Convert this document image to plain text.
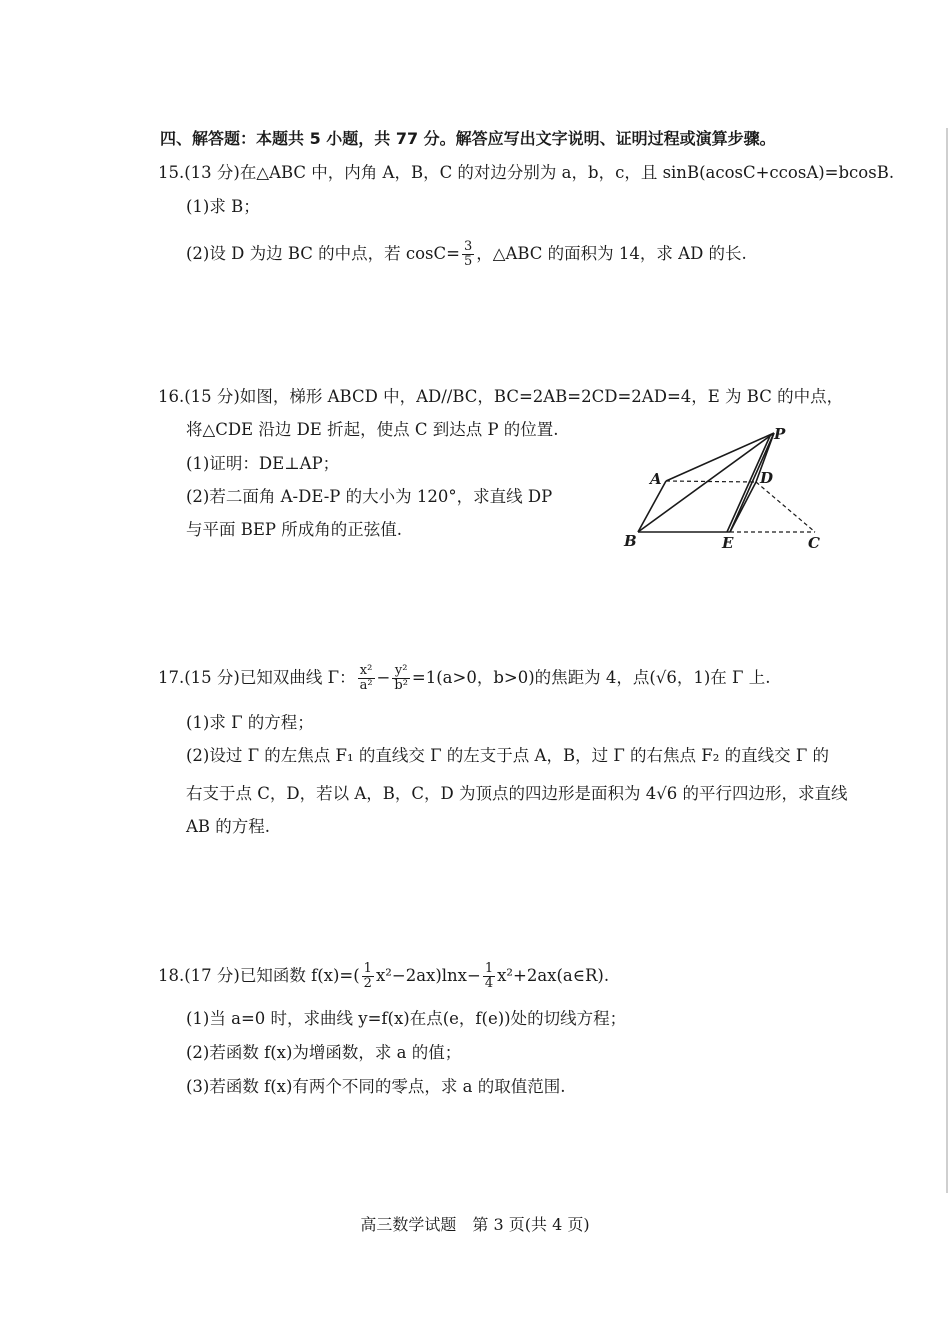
四、解答题：本题共 5 小题，共 77 分。解答应写出文字说明、证明过程或演算步骤。
15.(13 分)在△ABC 中，内角 A，B，C 的对边分别为 a，b，c，且 sinB(acosC+ccosA)=bcosB.
(1)求 B；
(2)设 D 为边 BC 的中点，若 $\cos C= \frac{3}{5}$ ，△ABC 的面积为 14，求 AD 的长.
16.(15 分)如图，梯形 ABCD 中，AD//BC，BC=2AB=2CD=2AD=4，E 为 BC 的中点，
将△CDE 沿边 DE 折起，使点 C 到达点 P 的位置.
(1)证明：DE⊥AP；
(2)若二面角 A-DE-P 的大小为 120°，求直线 DP
与平面 BEP 所成角的正弦值.
P
A	D
B	E	C
17.(15 分)已知双曲线 Γ： $\frac{\text{x²}}{\text{a²}} - \frac{\text{y²}}{\text{b²}} =1(a>0$，b>0)的焦距为 4，点(√6，1)在 Γ 上.
(1)求 Γ 的方程；
(2)设过 Γ 的左焦点 F₁ 的直线交 Γ 的左支于点 A，B，过 Γ 的右焦点 F₂ 的直线交 Γ 的
右支于点 C，D，若以 A，B，C，D 为顶点的四边形是面积为 4√6 的平行四边形，求直线
AB 的方程.
18.(17 分)已知函数 $f(x)=( \frac{1}{2} x^2-2ax)\ln x- \frac{1}{4}$ x²+2ax(a∈R).
(1)当 a=0 时，求曲线 y=f(x)在点(e，f(e))处的切线方程；
(2)若函数 f(x)为增函数，求 a 的值；
(3)若函数 f(x)有两个不同的零点，求 a 的取值范围.
高三数学试题　第 3 页(共 4 页)
